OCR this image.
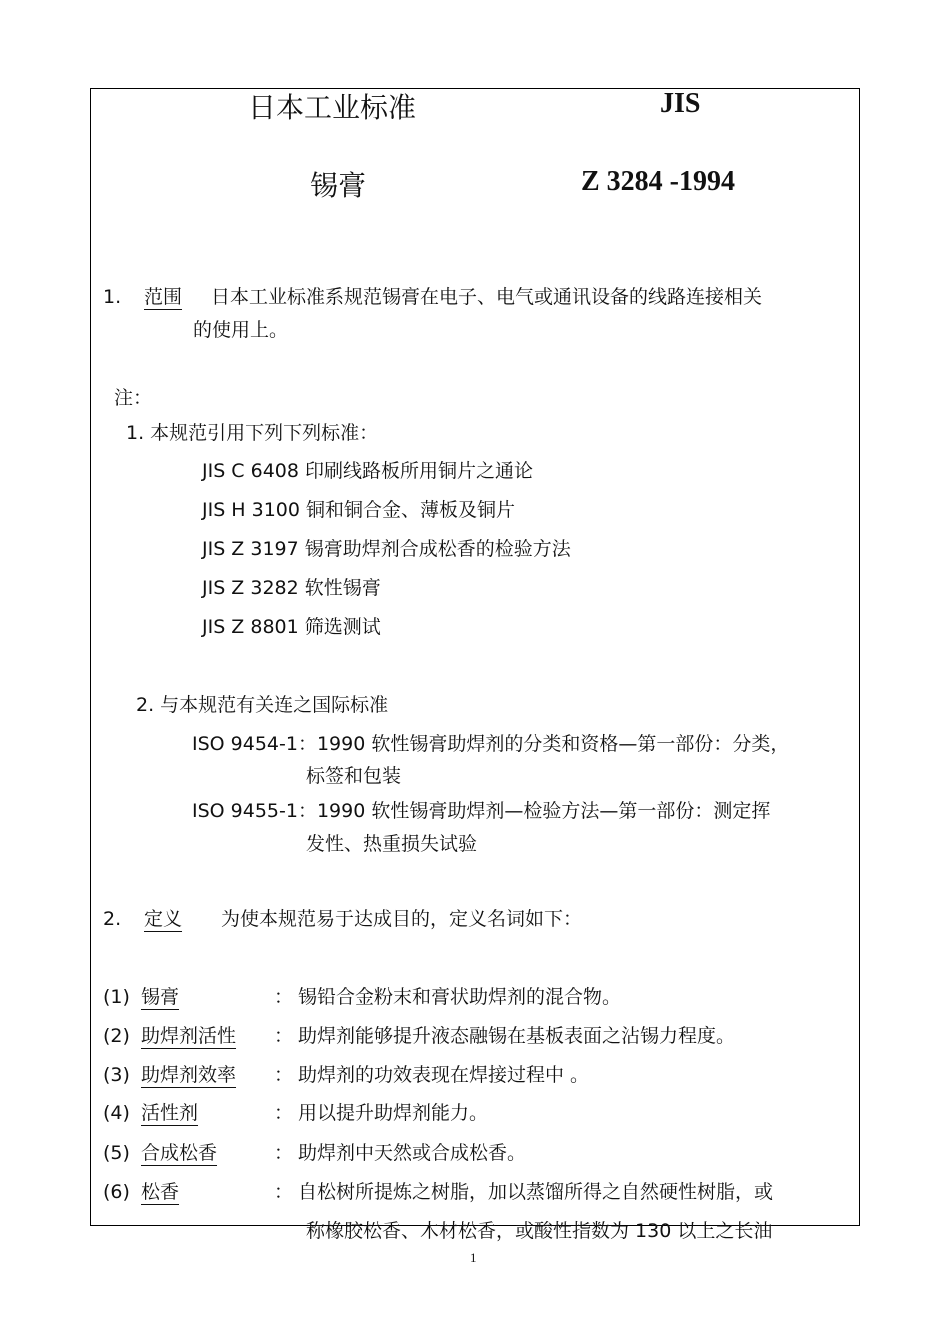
日本工业标准	JIS
锡膏	Z 3284 -1994
1. 范围 日本工业标准系规范锡膏在电子、电气或通讯设备的线路连接相关
的使用上。
注：
1. 本规范引用下列下列标准：
JIS C 6408 印刷线路板所用铜片之通论
JIS H 3100 铜和铜合金、薄板及铜片
JIS Z 3197 锡膏助焊剂合成松香的检验方法
JIS Z 3282 软性锡膏
JIS Z 8801 筛选测试
2. 与本规范有关连之国际标准
ISO 9454-1：1990 软性锡膏助焊剂的分类和资格—第一部份：分类，
标签和包装
ISO 9455-1：1990 软性锡膏助焊剂—检验方法—第一部份：测定挥
发性、热重损失试验
2. 定义 为使本规范易于达成目的，定义名词如下：
(1) 锡膏	： 锡铅合金粉末和膏状助焊剂的混合物。
(2) 助焊剂活性 ： 助焊剂能够提升液态融锡在基板表面之沾锡力程度。
(3) 助焊剂效率 ： 助焊剂的功效表现在焊接过程中 。
(4) 活性剂	： 用以提升助焊剂能力。
(5) 合成松香	： 助焊剂中天然或合成松香。
(6) 松香	： 自松树所提炼之树脂，加以蒸馏所得之自然硬性树脂，或
称橡胶松香、木材松香，或酸性指数为 130 以上之长油
1
